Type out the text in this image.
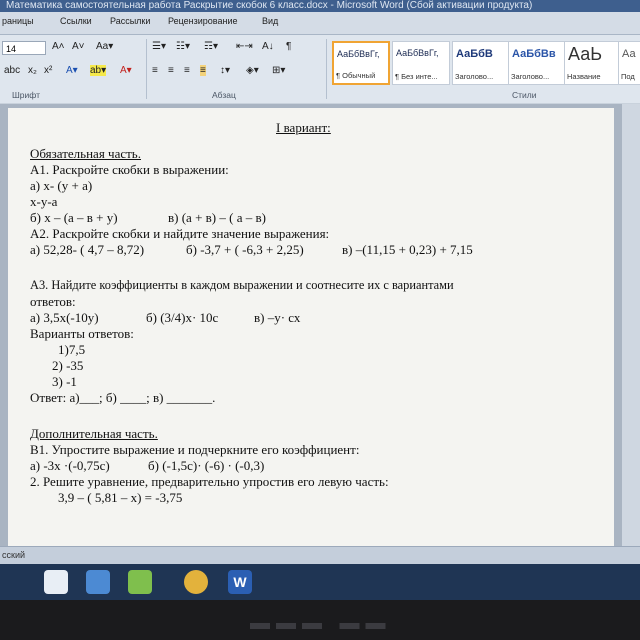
Математика самостоятельная работа Раскрытие скобок 6 класс.docx - Microsoft Word (Сбой активации продукта)
раницы	Ссылки Рассылки Рецензирование	Вид
14	A˄ A˅ Aa▾
abc x₂ x² A▾ ab▾ A▾
Шрифт
☰▾ ☷▾ ☶▾ ⇤⇥ A↓ ¶
≡ ≡ ≡ ≡ ↕▾ ◈▾ ⊞▾
Абзац
АаБбВвГг,
¶ Обычный
АаБбВвГг,
¶ Без инте...
АаБбВ
Заголово...
АаБбВв
Заголово...
АаЬ
Название
Аа
Под
Стили
I вариант:
Обязательная часть.
А1. Раскройте скобки в выражении:
а) х- (у + а)
х-у-а
б) х – (а – в + у)	в) (а + в) – ( а – в)
А2. Раскройте скобки и найдите значение выражения:
а) 52,28- ( 4,7 – 8,72)	б) -3,7 + ( -6,3 + 2,25)	в) –(11,15 + 0,23) + 7,15
А3. Найдите коэффициенты в каждом выражении и соотнесите их с вариантами
ответов:
а) 3,5х(-10у)	б) (3/4)х· 10с	в) –у· сх
Варианты ответов:
1)7,5
2) -35
3) -1
Ответ: а)___; б) ____; в) _______.
Дополнительная часть.
В1. Упростите выражение и подчеркните его коэффициент:
а) -3х ·(-0,75с)	б) (-1,5с)· (-6) · (-0,3)
2. Решите уравнение, предварительно упростив его левую часть:
3,9 – ( 5,81 – х) = -3,75
сский
W
▬▬▬ ▬▬
